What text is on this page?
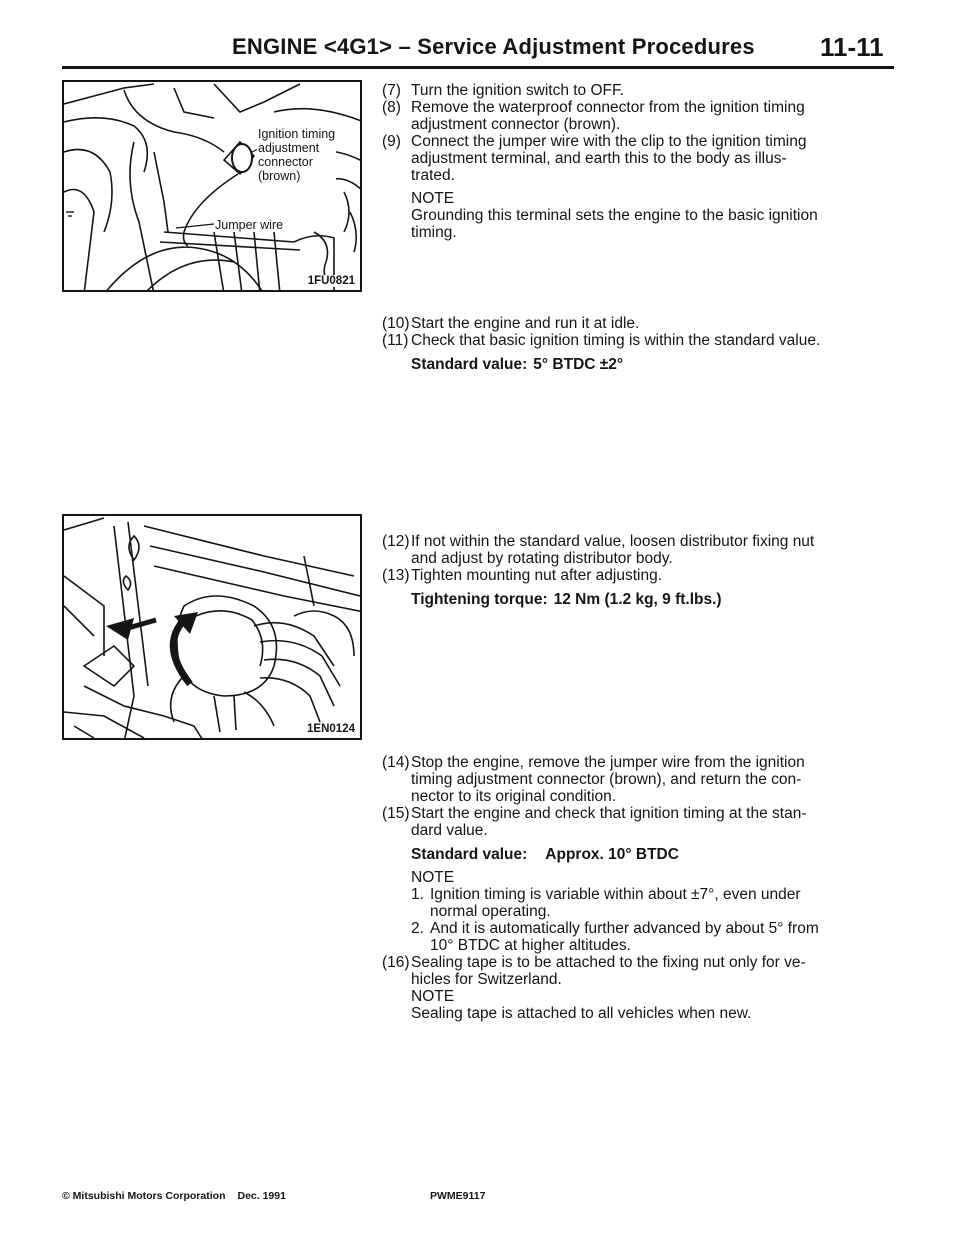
ENGINE <4G1> – Service Adjustment Procedures	11-11
Ignition timing
adjustment
connector
(brown)
Jumper wire
1FU0821
1EN0124
(7) Turn the ignition switch to OFF.
(8) Remove the waterproof connector from the ignition timing
adjustment connector (brown).
(9) Connect the jumper wire with the clip to the ignition timing
adjustment terminal, and earth this to the body as illus-
trated.
NOTE
Grounding this terminal sets the engine to the basic ignition
timing.
(10) Start the engine and run it at idle.
(11) Check that basic ignition timing is within the standard value.
Standard value: 5° BTDC ±2°
(12) If not within the standard value, loosen distributor fixing nut
and adjust by rotating distributor body.
(13) Tighten mounting nut after adjusting.
Tightening torque: 12 Nm (1.2 kg, 9 ft.lbs.)
(14) Stop the engine, remove the jumper wire from the ignition
timing adjustment connector (brown), and return the con-
nector to its original condition.
(15) Start the engine and check that ignition timing at the stan-
dard value.
Standard value: Approx. 10° BTDC
NOTE
1. Ignition timing is variable within about ±7°, even under
normal operating.
2. And it is automatically further advanced by about 5° from
10° BTDC at higher altitudes.
(16) Sealing tape is to be attached to the fixing nut only for ve-
hicles for Switzerland.
NOTE
Sealing tape is attached to all vehicles when new.
© Mitsubishi Motors Corporation Dec. 1991	PWME9117
